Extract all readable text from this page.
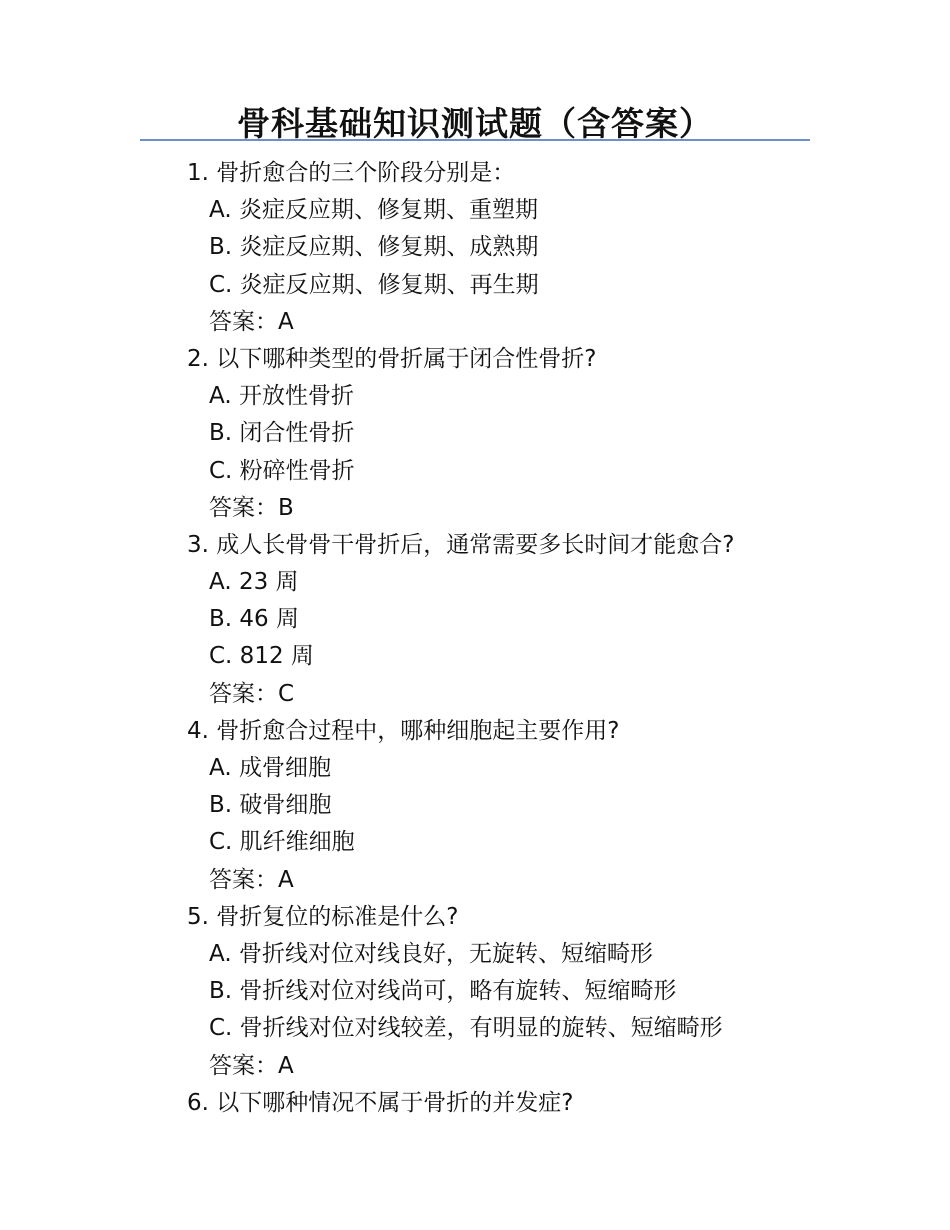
骨科基础知识测试题（含答案）
1. 骨折愈合的三个阶段分别是：
A. 炎症反应期、修复期、重塑期
B. 炎症反应期、修复期、成熟期
C. 炎症反应期、修复期、再生期
答案：A
2. 以下哪种类型的骨折属于闭合性骨折?
A. 开放性骨折
B. 闭合性骨折
C. 粉碎性骨折
答案：B
3. 成人长骨骨干骨折后，通常需要多长时间才能愈合?
A. 23 周
B. 46 周
C. 812 周
答案：C
4. 骨折愈合过程中，哪种细胞起主要作用?
A. 成骨细胞
B. 破骨细胞
C. 肌纤维细胞
答案：A
5. 骨折复位的标准是什么?
A. 骨折线对位对线良好，无旋转、短缩畸形
B. 骨折线对位对线尚可，略有旋转、短缩畸形
C. 骨折线对位对线较差，有明显的旋转、短缩畸形
答案：A
6. 以下哪种情况不属于骨折的并发症?
